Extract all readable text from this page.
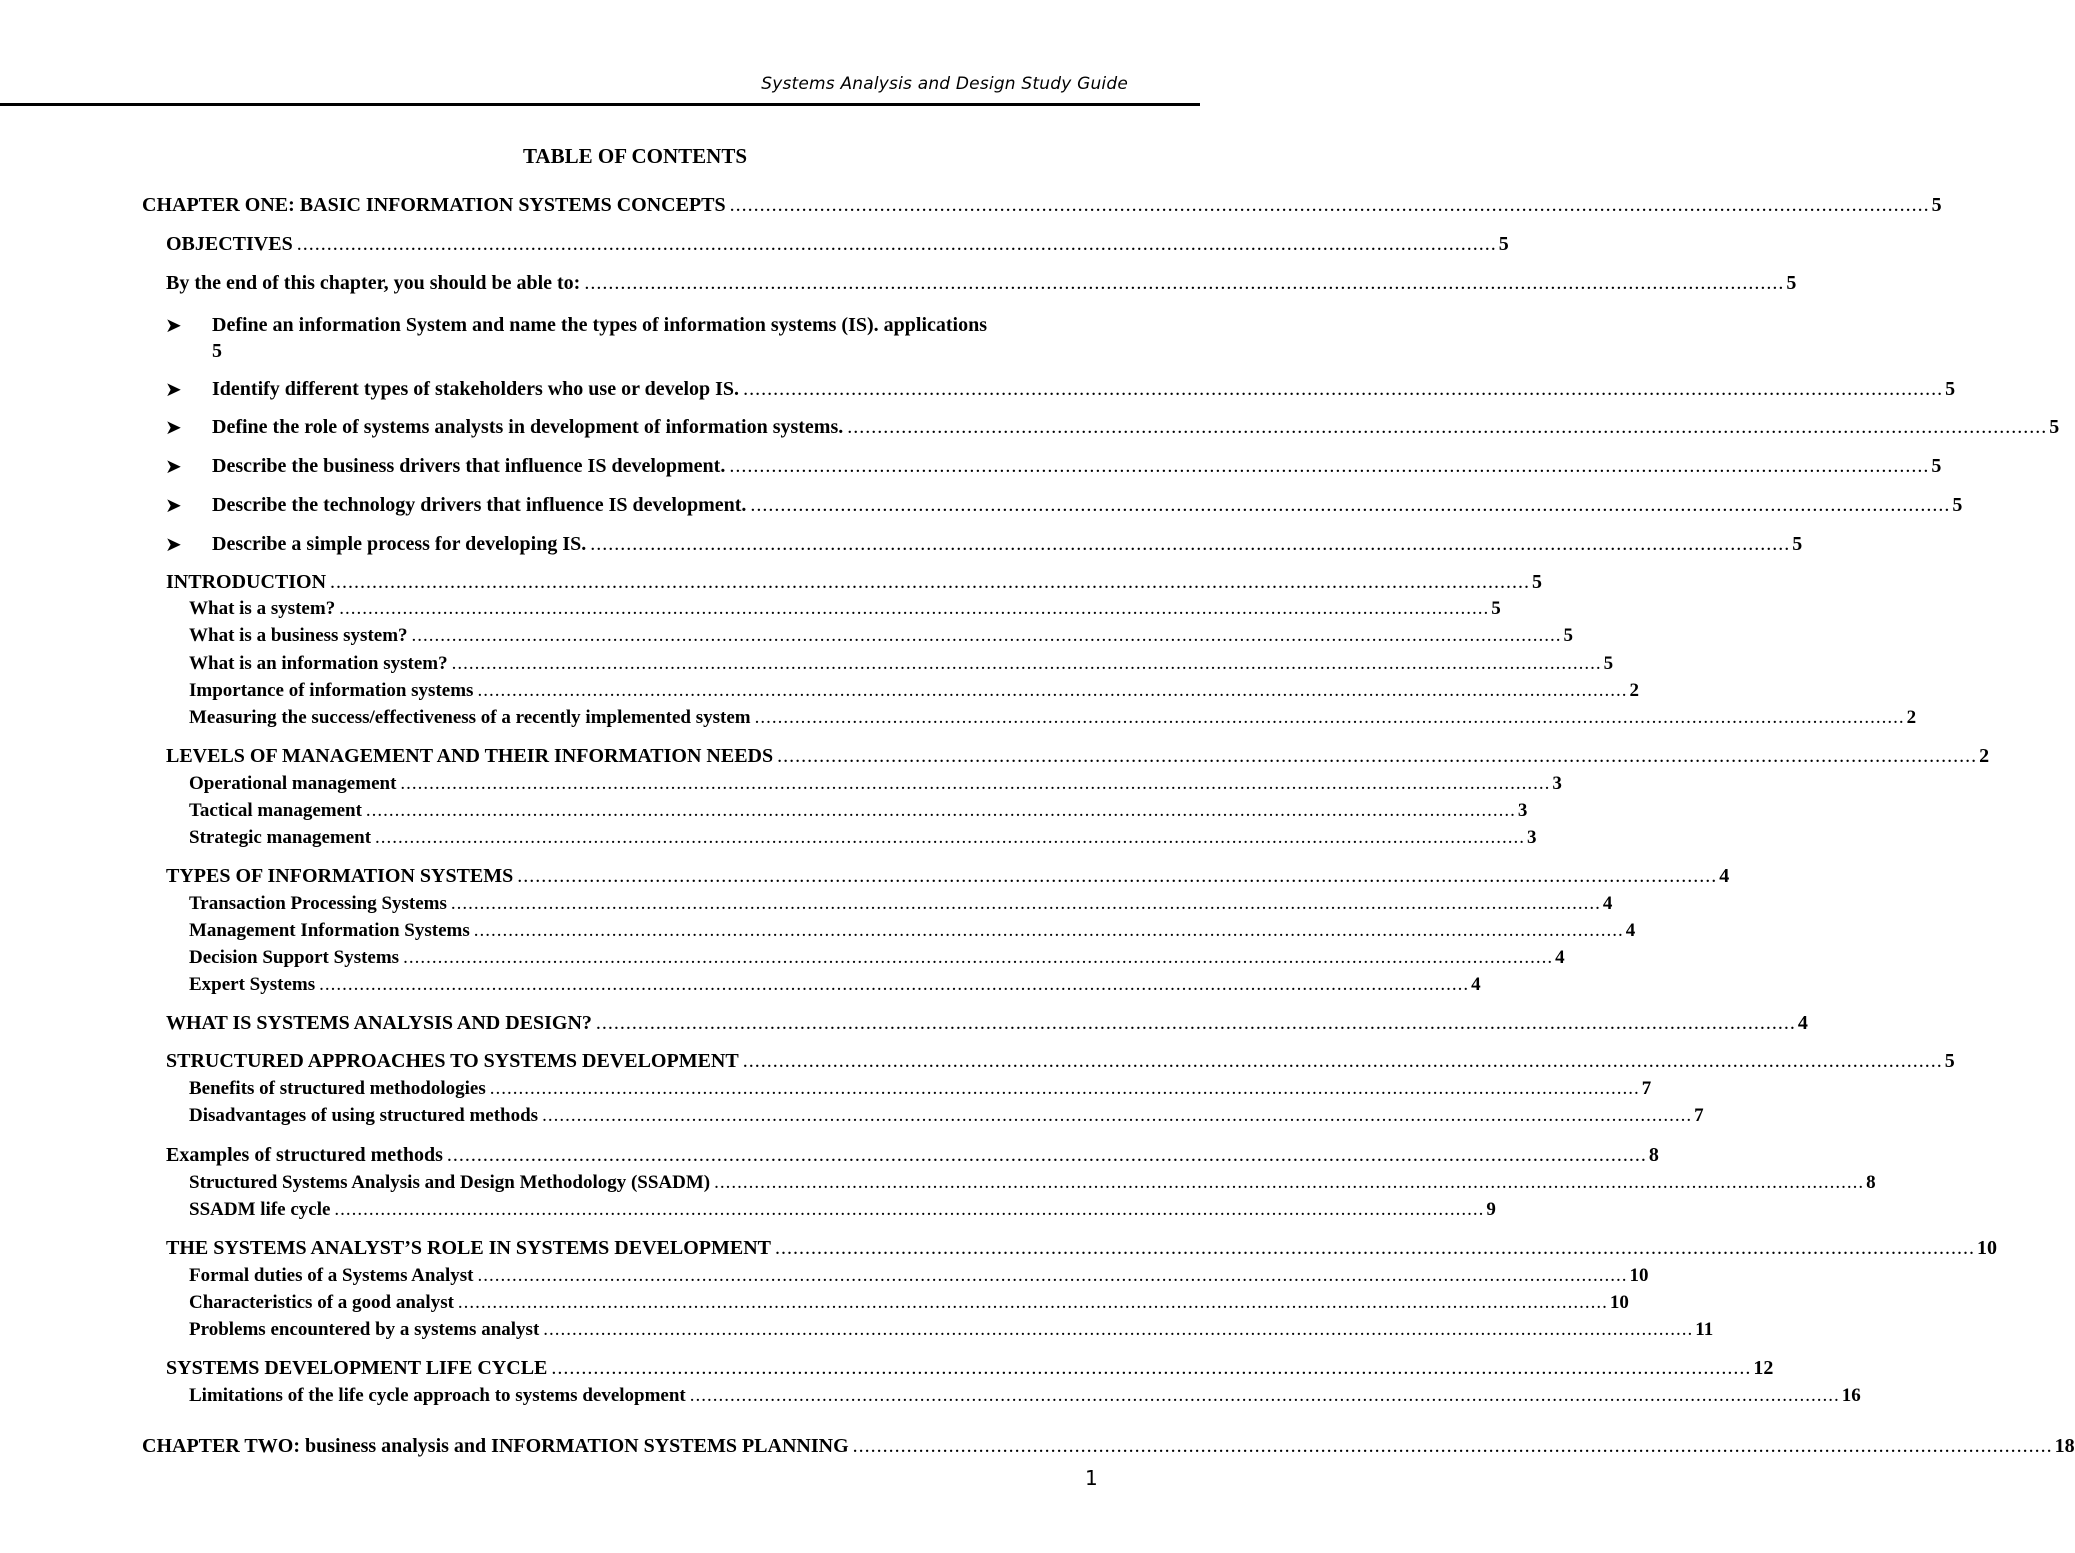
Systems Analysis and Design Study Guide
TABLE OF CONTENTS
CHAPTER ONE: BASIC INFORMATION SYSTEMS CONCEPTS ........................................................................................................................................................................................................ 5
OBJECTIVES ........................................................................................................................................................................................................ 5
By the end of this chapter, you should be able to: ........................................................................................................................................................................................................ 5
➤ Define an information System and name the types of information systems (IS). applications
5
➤ Identify different types of stakeholders who use or develop IS. ........................................................................................................................................................................................................ 5
➤ Define the role of systems analysts in development of information systems. ........................................................................................................................................................................................................ 5
➤ Describe the business drivers that influence IS development. ........................................................................................................................................................................................................ 5
➤ Describe the technology drivers that influence IS development. ........................................................................................................................................................................................................ 5
➤ Describe a simple process for developing IS. ........................................................................................................................................................................................................ 5
INTRODUCTION ........................................................................................................................................................................................................ 5
What is a system? ........................................................................................................................................................................................................ 5
What is a business system? ........................................................................................................................................................................................................ 5
What is an information system? ........................................................................................................................................................................................................ 5
Importance of information systems ........................................................................................................................................................................................................ 2
Measuring the success/effectiveness of a recently implemented system ........................................................................................................................................................................................................ 2
LEVELS OF MANAGEMENT AND THEIR INFORMATION NEEDS ........................................................................................................................................................................................................ 2
Operational management ........................................................................................................................................................................................................ 3
Tactical management ........................................................................................................................................................................................................ 3
Strategic management ........................................................................................................................................................................................................ 3
TYPES OF INFORMATION SYSTEMS ........................................................................................................................................................................................................ 4
Transaction Processing Systems ........................................................................................................................................................................................................ 4
Management Information Systems ........................................................................................................................................................................................................ 4
Decision Support Systems ........................................................................................................................................................................................................ 4
Expert Systems ........................................................................................................................................................................................................ 4
WHAT IS SYSTEMS ANALYSIS AND DESIGN? ........................................................................................................................................................................................................ 4
STRUCTURED APPROACHES TO SYSTEMS DEVELOPMENT ........................................................................................................................................................................................................ 5
Benefits of structured methodologies ........................................................................................................................................................................................................ 7
Disadvantages of using structured methods ........................................................................................................................................................................................................ 7
Examples of structured methods ........................................................................................................................................................................................................ 8
Structured Systems Analysis and Design Methodology (SSADM) ........................................................................................................................................................................................................ 8
SSADM life cycle ........................................................................................................................................................................................................ 9
THE SYSTEMS ANALYST’S ROLE IN SYSTEMS DEVELOPMENT ........................................................................................................................................................................................................ 10
Formal duties of a Systems Analyst ........................................................................................................................................................................................................ 10
Characteristics of a good analyst ........................................................................................................................................................................................................ 10
Problems encountered by a systems analyst ........................................................................................................................................................................................................ 11
SYSTEMS DEVELOPMENT LIFE CYCLE ........................................................................................................................................................................................................ 12
Limitations of the life cycle approach to systems development ........................................................................................................................................................................................................ 16
CHAPTER TWO: business analysis and INFORMATION SYSTEMS PLANNING ........................................................................................................................................................................................................ 18
1
